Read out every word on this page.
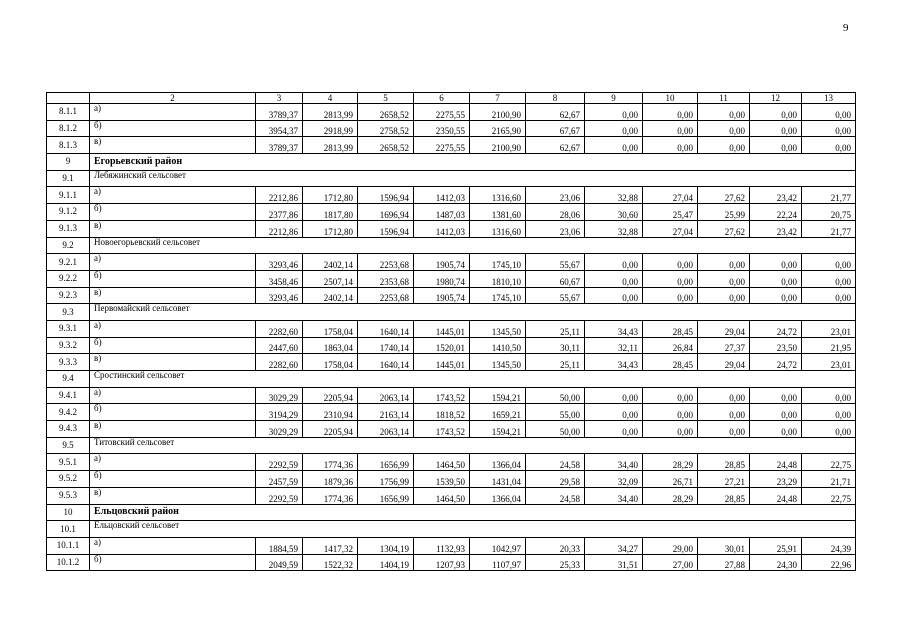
9
	2	3	4	5	6	7	8	9	10	11	12	13
8.1.1	а)	3789,37	2813,99	2658,52	2275,55	2100,90	62,67	0,00	0,00	0,00	0,00	0,00
8.1.2	б)	3954,37	2918,99	2758,52	2350,55	2165,90	67,67	0,00	0,00	0,00	0,00	0,00
8.1.3	в)	3789,37	2813,99	2658,52	2275,55	2100,90	62,67	0,00	0,00	0,00	0,00	0,00
9	Егорьевский район											
9.1	Лебяжинский сельсовет											
9.1.1	а)	2212,86	1712,80	1596,94	1412,03	1316,60	23,06	32,88	27,04	27,62	23,42	21,77
9.1.2	б)	2377,86	1817,80	1696,94	1487,03	1381,60	28,06	30,60	25,47	25,99	22,24	20,75
9.1.3	в)	2212,86	1712,80	1596,94	1412,03	1316,60	23,06	32,88	27,04	27,62	23,42	21,77
9.2	Новоегорьевский сельсовет											
9.2.1	а)	3293,46	2402,14	2253,68	1905,74	1745,10	55,67	0,00	0,00	0,00	0,00	0,00
9.2.2	б)	3458,46	2507,14	2353,68	1980,74	1810,10	60,67	0,00	0,00	0,00	0,00	0,00
9.2.3	в)	3293,46	2402,14	2253,68	1905,74	1745,10	55,67	0,00	0,00	0,00	0,00	0,00
9.3	Первомайский сельсовет											
9.3.1	а)	2282,60	1758,04	1640,14	1445,01	1345,50	25,11	34,43	28,45	29,04	24,72	23,01
9.3.2	б)	2447,60	1863,04	1740,14	1520,01	1410,50	30,11	32,11	26,84	27,37	23,50	21,95
9.3.3	в)	2282,60	1758,04	1640,14	1445,01	1345,50	25,11	34,43	28,45	29,04	24,72	23,01
9.4	Сростинский сельсовет											
9.4.1	а)	3029,29	2205,94	2063,14	1743,52	1594,21	50,00	0,00	0,00	0,00	0,00	0,00
9.4.2	б)	3194,29	2310,94	2163,14	1818,52	1659,21	55,00	0,00	0,00	0,00	0,00	0,00
9.4.3	в)	3029,29	2205,94	2063,14	1743,52	1594,21	50,00	0,00	0,00	0,00	0,00	0,00
9.5	Титовский сельсовет											
9.5.1	а)	2292,59	1774,36	1656,99	1464,50	1366,04	24,58	34,40	28,29	28,85	24,48	22,75
9.5.2	б)	2457,59	1879,36	1756,99	1539,50	1431,04	29,58	32,09	26,71	27,21	23,29	21,71
9.5.3	в)	2292,59	1774,36	1656,99	1464,50	1366,04	24,58	34,40	28,29	28,85	24,48	22,75
10	Ельцовский район											
10.1	Ельцовский сельсовет											
10.1.1	а)	1884,59	1417,32	1304,19	1132,93	1042,97	20,33	34,27	29,00	30,01	25,91	24,39
10.1.2	б)	2049,59	1522,32	1404,19	1207,93	1107,97	25,33	31,51	27,00	27,88	24,30	22,96
